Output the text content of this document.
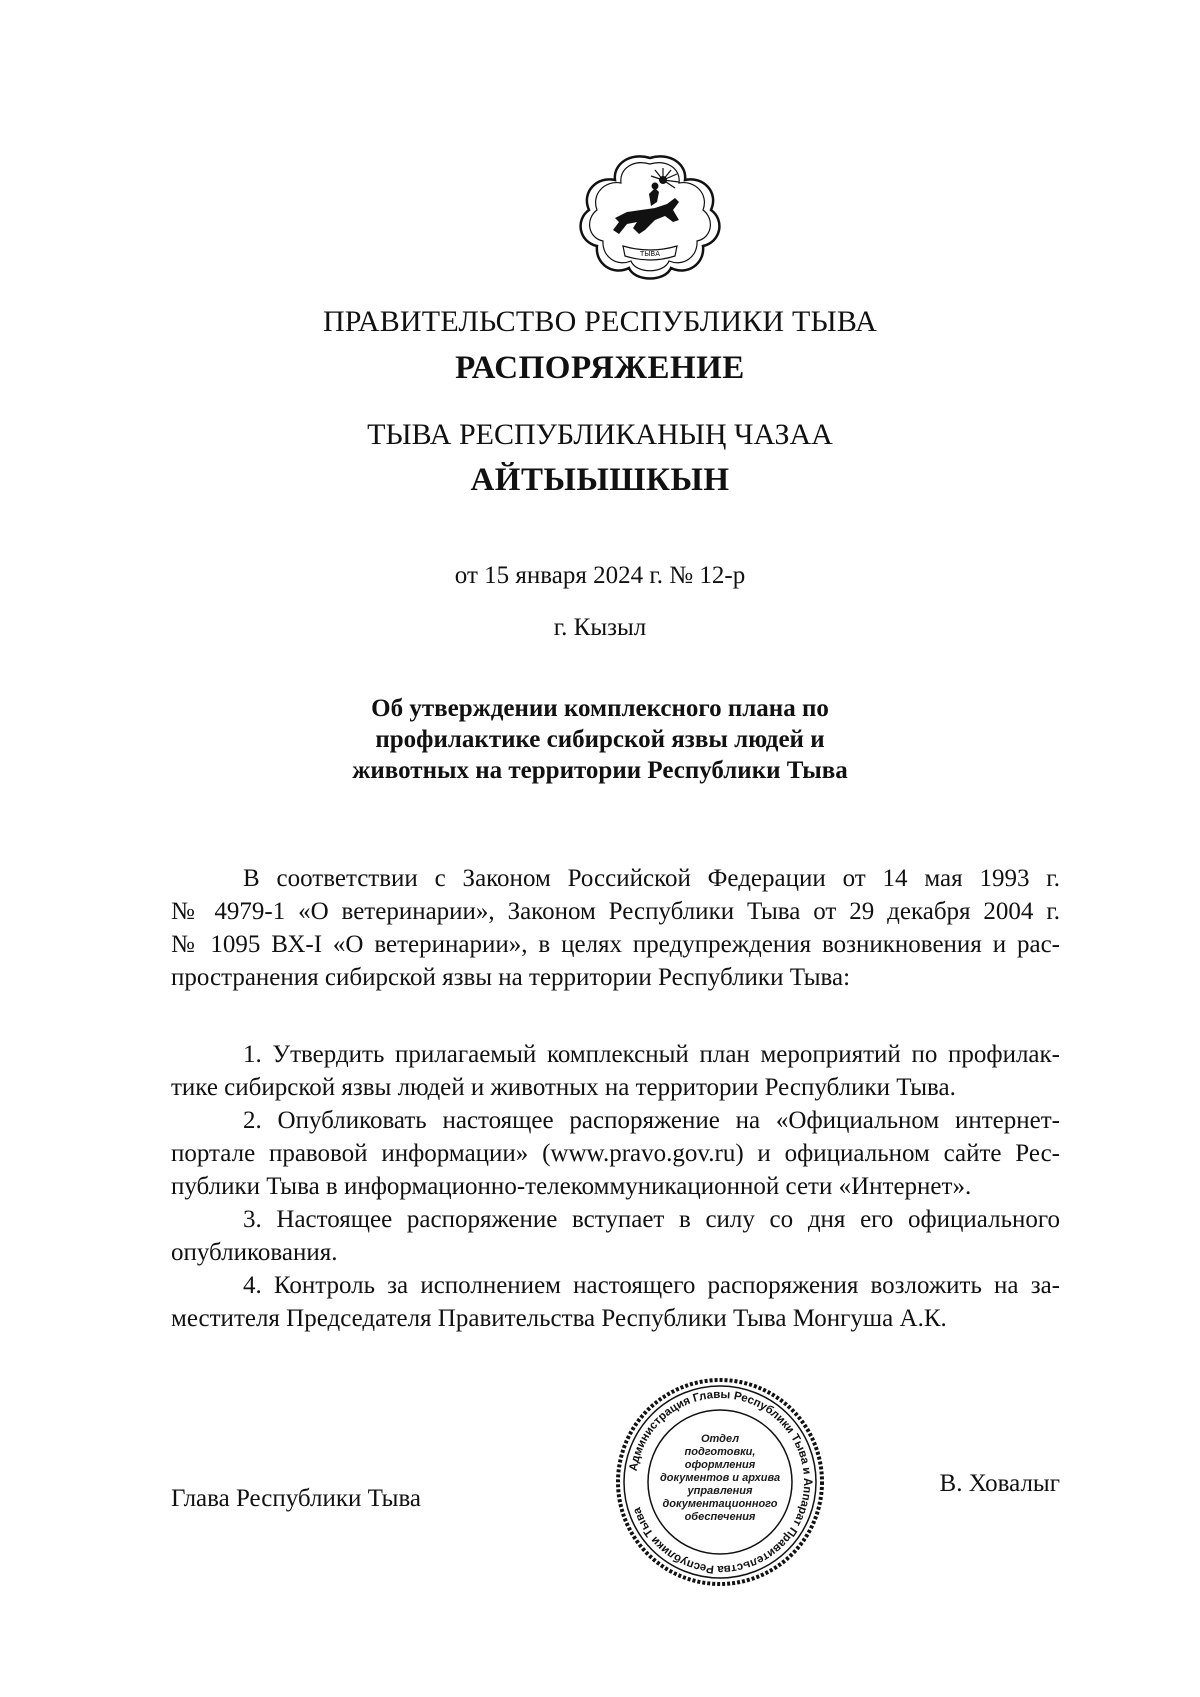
ТЫВА
ПРАВИТЕЛЬСТВО РЕСПУБЛИКИ ТЫВА
РАСПОРЯЖЕНИЕ
ТЫВА РЕСПУБЛИКАНЫҢ ЧАЗАА
АЙТЫЫШКЫН
от 15 января 2024 г. № 12-р
г. Кызыл
Об утверждении комплексного плана по
профилактике сибирской язвы людей и
животных на территории Республики Тыва
В соответствии с Законом Российской Федерации от 14 мая 1993 г.
№ 4979-1 «О ветеринарии», Законом Республики Тыва от 29 декабря 2004 г.
№ 1095 ВХ-I «О ветеринарии», в целях предупреждения возникновения и рас-
пространения сибирской язвы на территории Республики Тыва:
1. Утвердить прилагаемый комплексный план мероприятий по профилак-
тике сибирской язвы людей и животных на территории Республики Тыва.
2. Опубликовать настоящее распоряжение на «Официальном интернет-
портале правовой информации» (www.pravo.gov.ru) и официальном сайте Рес-
публики Тыва в информационно-телекоммуникационной сети «Интернет».
3. Настоящее распоряжение вступает в силу со дня его официального
опубликования.
4. Контроль за исполнением настоящего распоряжения возложить на за-
местителя Председателя Правительства Республики Тыва Монгуша А.К.
Глава Республики Тыва
В. Ховалыг
Администрация Главы Республики Тыва и Аппарат Правительства Республики Тыва
Отдел
подготовки,
оформления
документов и архива
управления
документационного
обеспечения
